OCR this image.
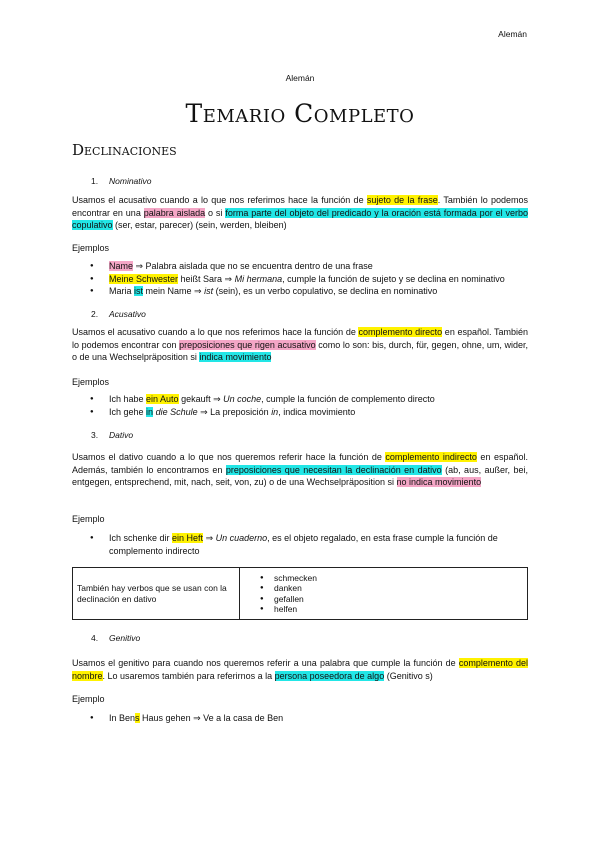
Alemán
Alemán
Temario Completo
Declinaciones
1. Nominativo

Usamos el acusativo cuando a lo que nos referimos hace la función de sujeto de la frase. También lo podemos encontrar en una palabra aislada o si forma parte del objeto del predicado y la oración está formada por el verbo copulativo (ser, estar, parecer) (sein, werden, bleiben)

Ejemplos
● Name ⇒ Palabra aislada que no se encuentra dentro de una frase
● Meine Schwester heißt Sara ⇒ Mi hermana, cumple la función de sujeto y se declina en nominativo
● Maria ist mein Name ⇒ ist (sein), es un verbo copulativo, se declina en nominativo
2. Acusativo

Usamos el acusativo cuando a lo que nos referimos hace la función de complemento directo en español. También lo podemos encontrar con preposiciones que rigen acusativo como lo son: bis, durch, für, gegen, ohne, um, wider, o de una Wechselpräposition si indica movimiento

Ejemplos
● Ich habe ein Auto gekauft ⇒ Un coche, cumple la función de complemento directo
● Ich gehe in die Schule ⇒ La preposición in, indica movimiento
3. Dativo

Usamos el dativo cuando a lo que nos queremos referir hace la función de complemento indirecto en español. Además, también lo encontramos en preposiciones que necesitan la declinación en dativo (ab, aus, außer, bei, entgegen, entsprechend, mit, nach, seit, von, zu) o de una Wechselpräposition si no indica movimiento

Ejemplo
● Ich schenke dir ein Heft ⇒ Un cuaderno, es el objeto regalado, en esta frase cumple la función de complemento indirecto
También hay verbos que se usan con la declinación en dativo	
● schmecken
● danken
● gefallen
● helfen
4. Genitivo

Usamos el genitivo para cuando nos queremos referir a una palabra que cumple la función de complemento del nombre. Lo usaremos también para referirnos a la persona poseedora de algo (Genitivo s)

Ejemplo
● In Bens Haus gehen ⇒ Ve a la casa de Ben
